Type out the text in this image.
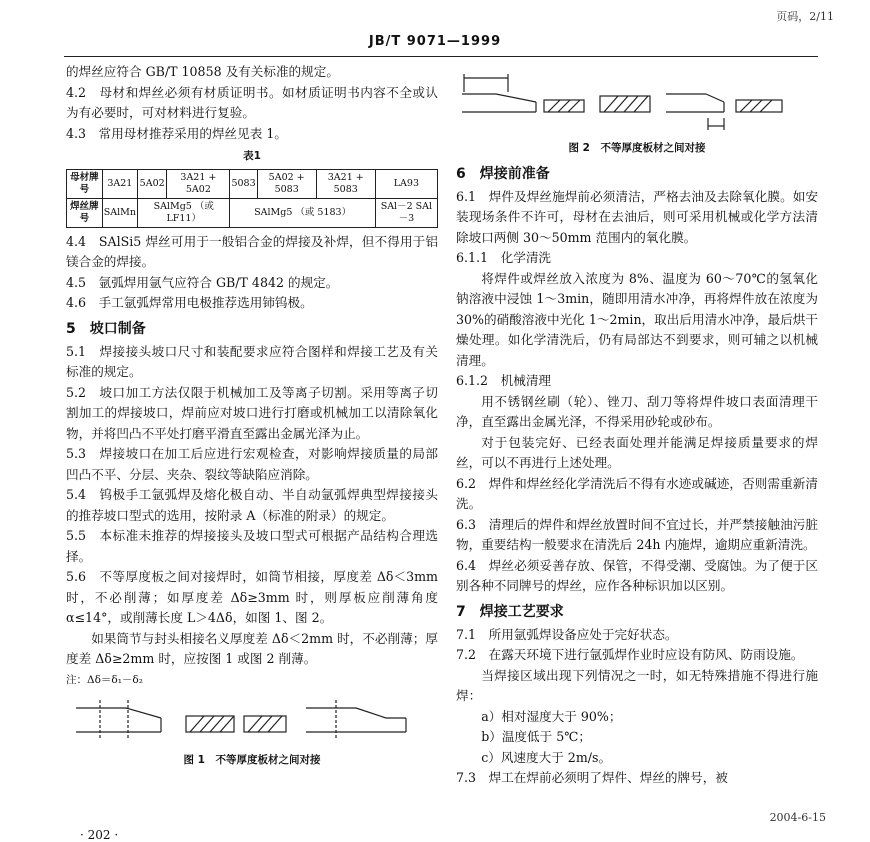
页码，2/11
JB/T 9071—1999

的焊丝应符合 GB/T 10858 及有关标准的规定。

4.2　母材和焊丝必须有材质证明书。如材质证明书内容不全或认为有必要时，可对材料进行复验。

4.3　常用母材推荐采用的焊丝见表 1。

表1
母材牌号	3A21	5A02	3A21 + 5A02	5083	5A02 + 5083	3A21 + 5083	LA93
焊丝牌号	SAlMn	SAlMg5 （或 LF11）		SAlMg5 （或 5183）			SAl－2 SAl－3

4.4　SAlSi5 焊丝可用于一般铝合金的焊接及补焊，但不得用于铝镁合金的焊接。

4.5　氩弧焊用氩气应符合 GB/T 4842 的规定。

4.6　手工氩弧焊常用电极推荐选用铈钨极。

5　坡口制备

5.1　焊接接头坡口尺寸和装配要求应符合图样和焊接工艺及有关标准的规定。

5.2　坡口加工方法仅限于机械加工及等离子切割。采用等离子切割加工的焊接坡口，焊前应对坡口进行打磨或机械加工以清除氧化物，并将凹凸不平处打磨平滑直至露出金属光泽为止。

5.3　焊接坡口在加工后应进行宏观检查，对影响焊接质量的局部凹凸不平、分层、夹杂、裂纹等缺陷应消除。

5.4　钨极手工氩弧焊及熔化极自动、半自动氩弧焊典型焊接接头的推荐坡口型式的选用，按附录 A（标准的附录）的规定。

5.5　本标准未推荐的焊接接头及坡口型式可根据产品结构合理选择。

5.6　不等厚度板之间对接焊时，如筒节相接，厚度差 Δδ＜3mm 时，不必削薄；如厚度差 Δδ≥3mm 时，则厚板应削薄角度 α≤14°，或削薄长度 L＞4Δδ，如图 1、图 2。

如果筒节与封头相接名义厚度差 Δδ＜2mm 时，不必削薄；厚度差 Δδ≥2mm 时，应按图 1 或图 2 削薄。

注：Δδ＝δ₁－δ₂
图 1　不等厚度板材之间对接
图 2　不等厚度板材之间对接
6　焊接前准备

6.1　焊件及焊丝施焊前必须清洁，严格去油及去除氧化膜。如安装现场条件不许可，母材在去油后，则可采用机械或化学方法清除坡口两侧 30～50mm 范围内的氧化膜。

6.1.1　化学清洗

将焊件或焊丝放入浓度为 8%、温度为 60～70℃的氢氧化钠溶液中浸蚀 1～3min，随即用清水冲净，再将焊件放在浓度为 30%的硝酸溶液中光化 1～2min，取出后用清水冲净，最后烘干燥处理。如化学清洗后，仍有局部达不到要求，则可辅之以机械清理。

6.1.2　机械清理

用不锈钢丝刷（轮）、锉刀、刮刀等将焊件坡口表面清理干净，直至露出金属光泽，不得采用砂轮或砂布。

对于包装完好、已经表面处理并能满足焊接质量要求的焊丝，可以不再进行上述处理。

6.2　焊件和焊丝经化学清洗后不得有水迹或碱迹，否则需重新清洗。

6.3　清理后的焊件和焊丝放置时间不宜过长，并严禁接触油污脏物，重要结构一般要求在清洗后 24h 内施焊，逾期应重新清洗。

6.4　焊丝必须妥善存放、保管，不得受潮、受腐蚀。为了便于区别各种不同牌号的焊丝，应作各种标识加以区别。

7　焊接工艺要求

7.1　所用氩弧焊设备应处于完好状态。

7.2　在露天环境下进行氩弧焊作业时应设有防风、防雨设施。

当焊接区域出现下列情况之一时，如无特殊措施不得进行施焊：

a）相对湿度大于 90%；

b）温度低于 5℃；

c）风速度大于 2m/s。

7.3　焊工在焊前必须明了焊件、焊丝的牌号，被

· 202 ·
2004-6-15
